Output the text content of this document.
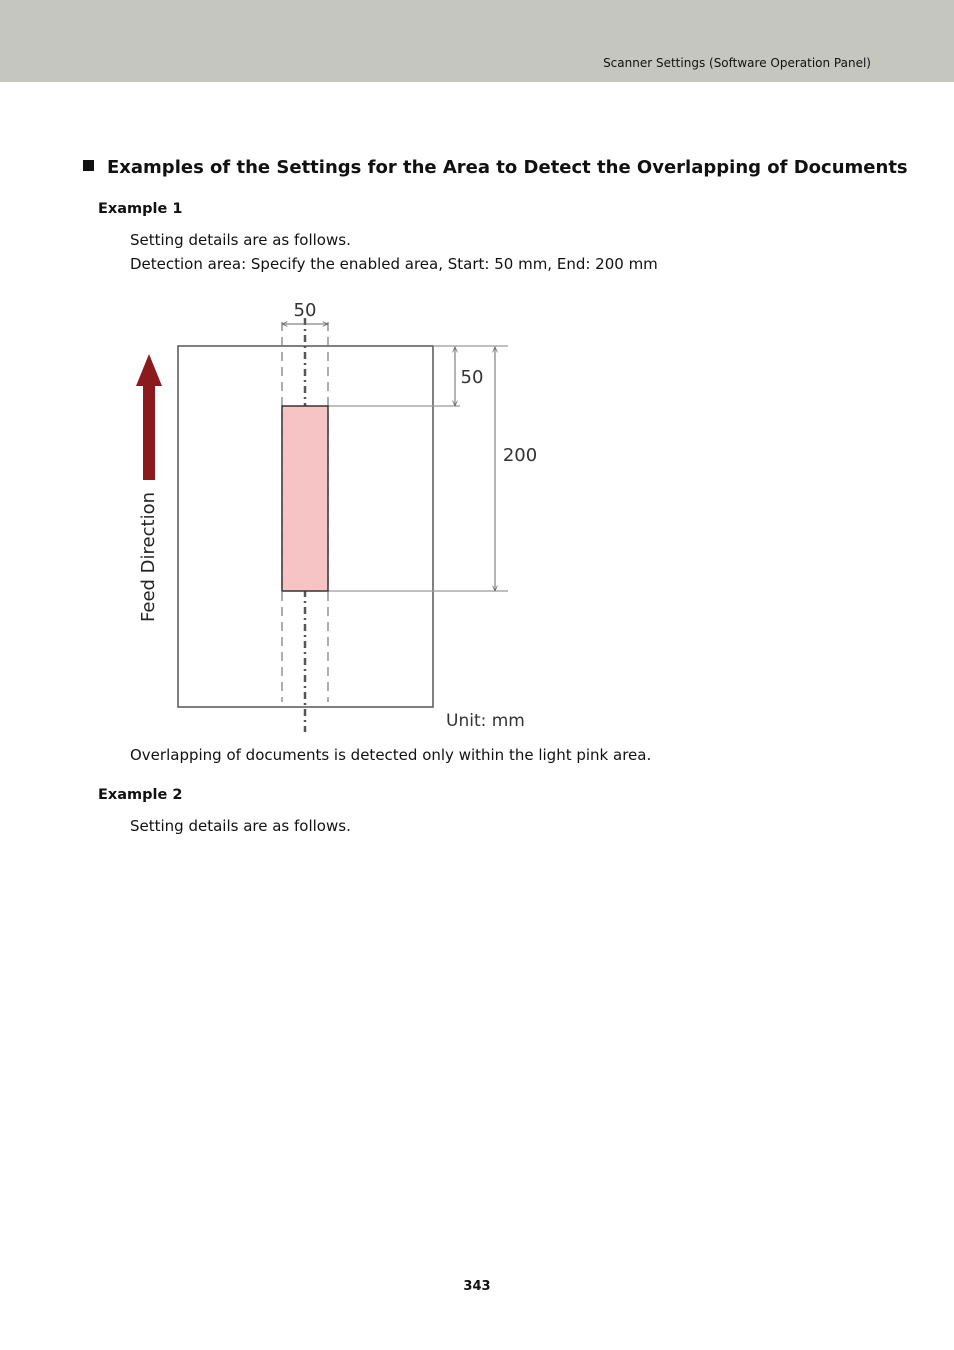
Scanner Settings (Software Operation Panel)
Examples of the Settings for the Area to Detect the Overlapping of Documents
Example 1
Setting details are as follows.
Detection area: Specify the enabled area, Start: 50 mm, End: 200 mm
Feed Direction
50
50
200
Unit: mm
Overlapping of documents is detected only within the light pink area.
Example 2
Setting details are as follows.
343
